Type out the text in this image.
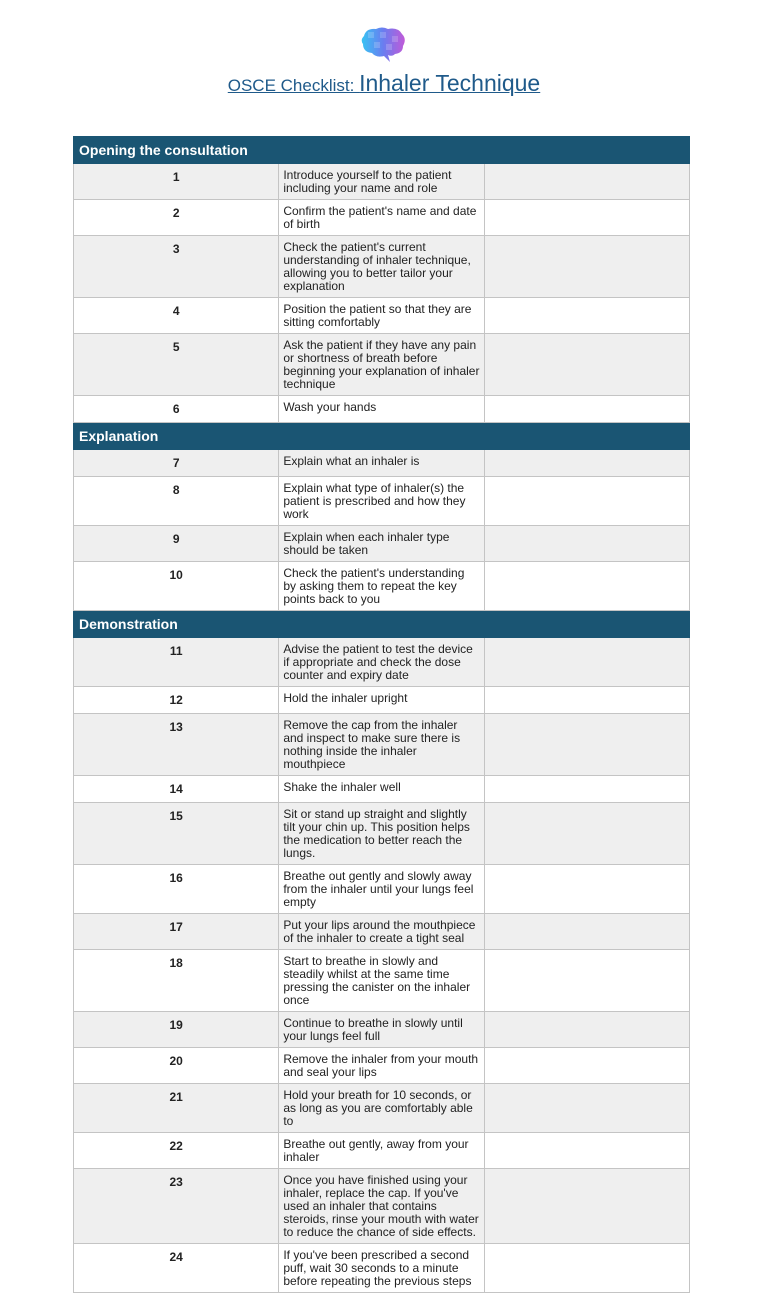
OSCE Checklist: Inhaler Technique
Opening the consultation		
1	Introduce yourself to the patient including your name and role	
2	Confirm the patient's name and date of birth	
3	Check the patient's current understanding of inhaler technique, allowing you to better tailor your explanation	
4	Position the patient so that they are sitting comfortably	
5	Ask the patient if they have any pain or shortness of breath before beginning your explanation of inhaler technique	
6	Wash your hands	
Explanation		
7	Explain what an inhaler is	
8	Explain what type of inhaler(s) the patient is prescribed and how they work	
9	Explain when each inhaler type should be taken	
10	Check the patient's understanding by asking them to repeat the key points back to you	
Demonstration		
11	Advise the patient to test the device if appropriate and check the dose counter and expiry date	
12	Hold the inhaler upright	
13	Remove the cap from the inhaler and inspect to make sure there is nothing inside the inhaler mouthpiece	
14	Shake the inhaler well	
15	Sit or stand up straight and slightly tilt your chin up. This position helps the medication to better reach the lungs.	
16	Breathe out gently and slowly away from the inhaler until your lungs feel empty	
17	Put your lips around the mouthpiece of the inhaler to create a tight seal	
18	Start to breathe in slowly and steadily whilst at the same time pressing the canister on the inhaler once	
19	Continue to breathe in slowly until your lungs feel full	
20	Remove the inhaler from your mouth and seal your lips	
21	Hold your breath for 10 seconds, or as long as you are comfortably able to	
22	Breathe out gently, away from your inhaler	
23	Once you have finished using your inhaler, replace the cap. If you've used an inhaler that contains steroids, rinse your mouth with water to reduce the chance of side effects.	
24	If you've been prescribed a second puff, wait 30 seconds to a minute before repeating the previous steps	
